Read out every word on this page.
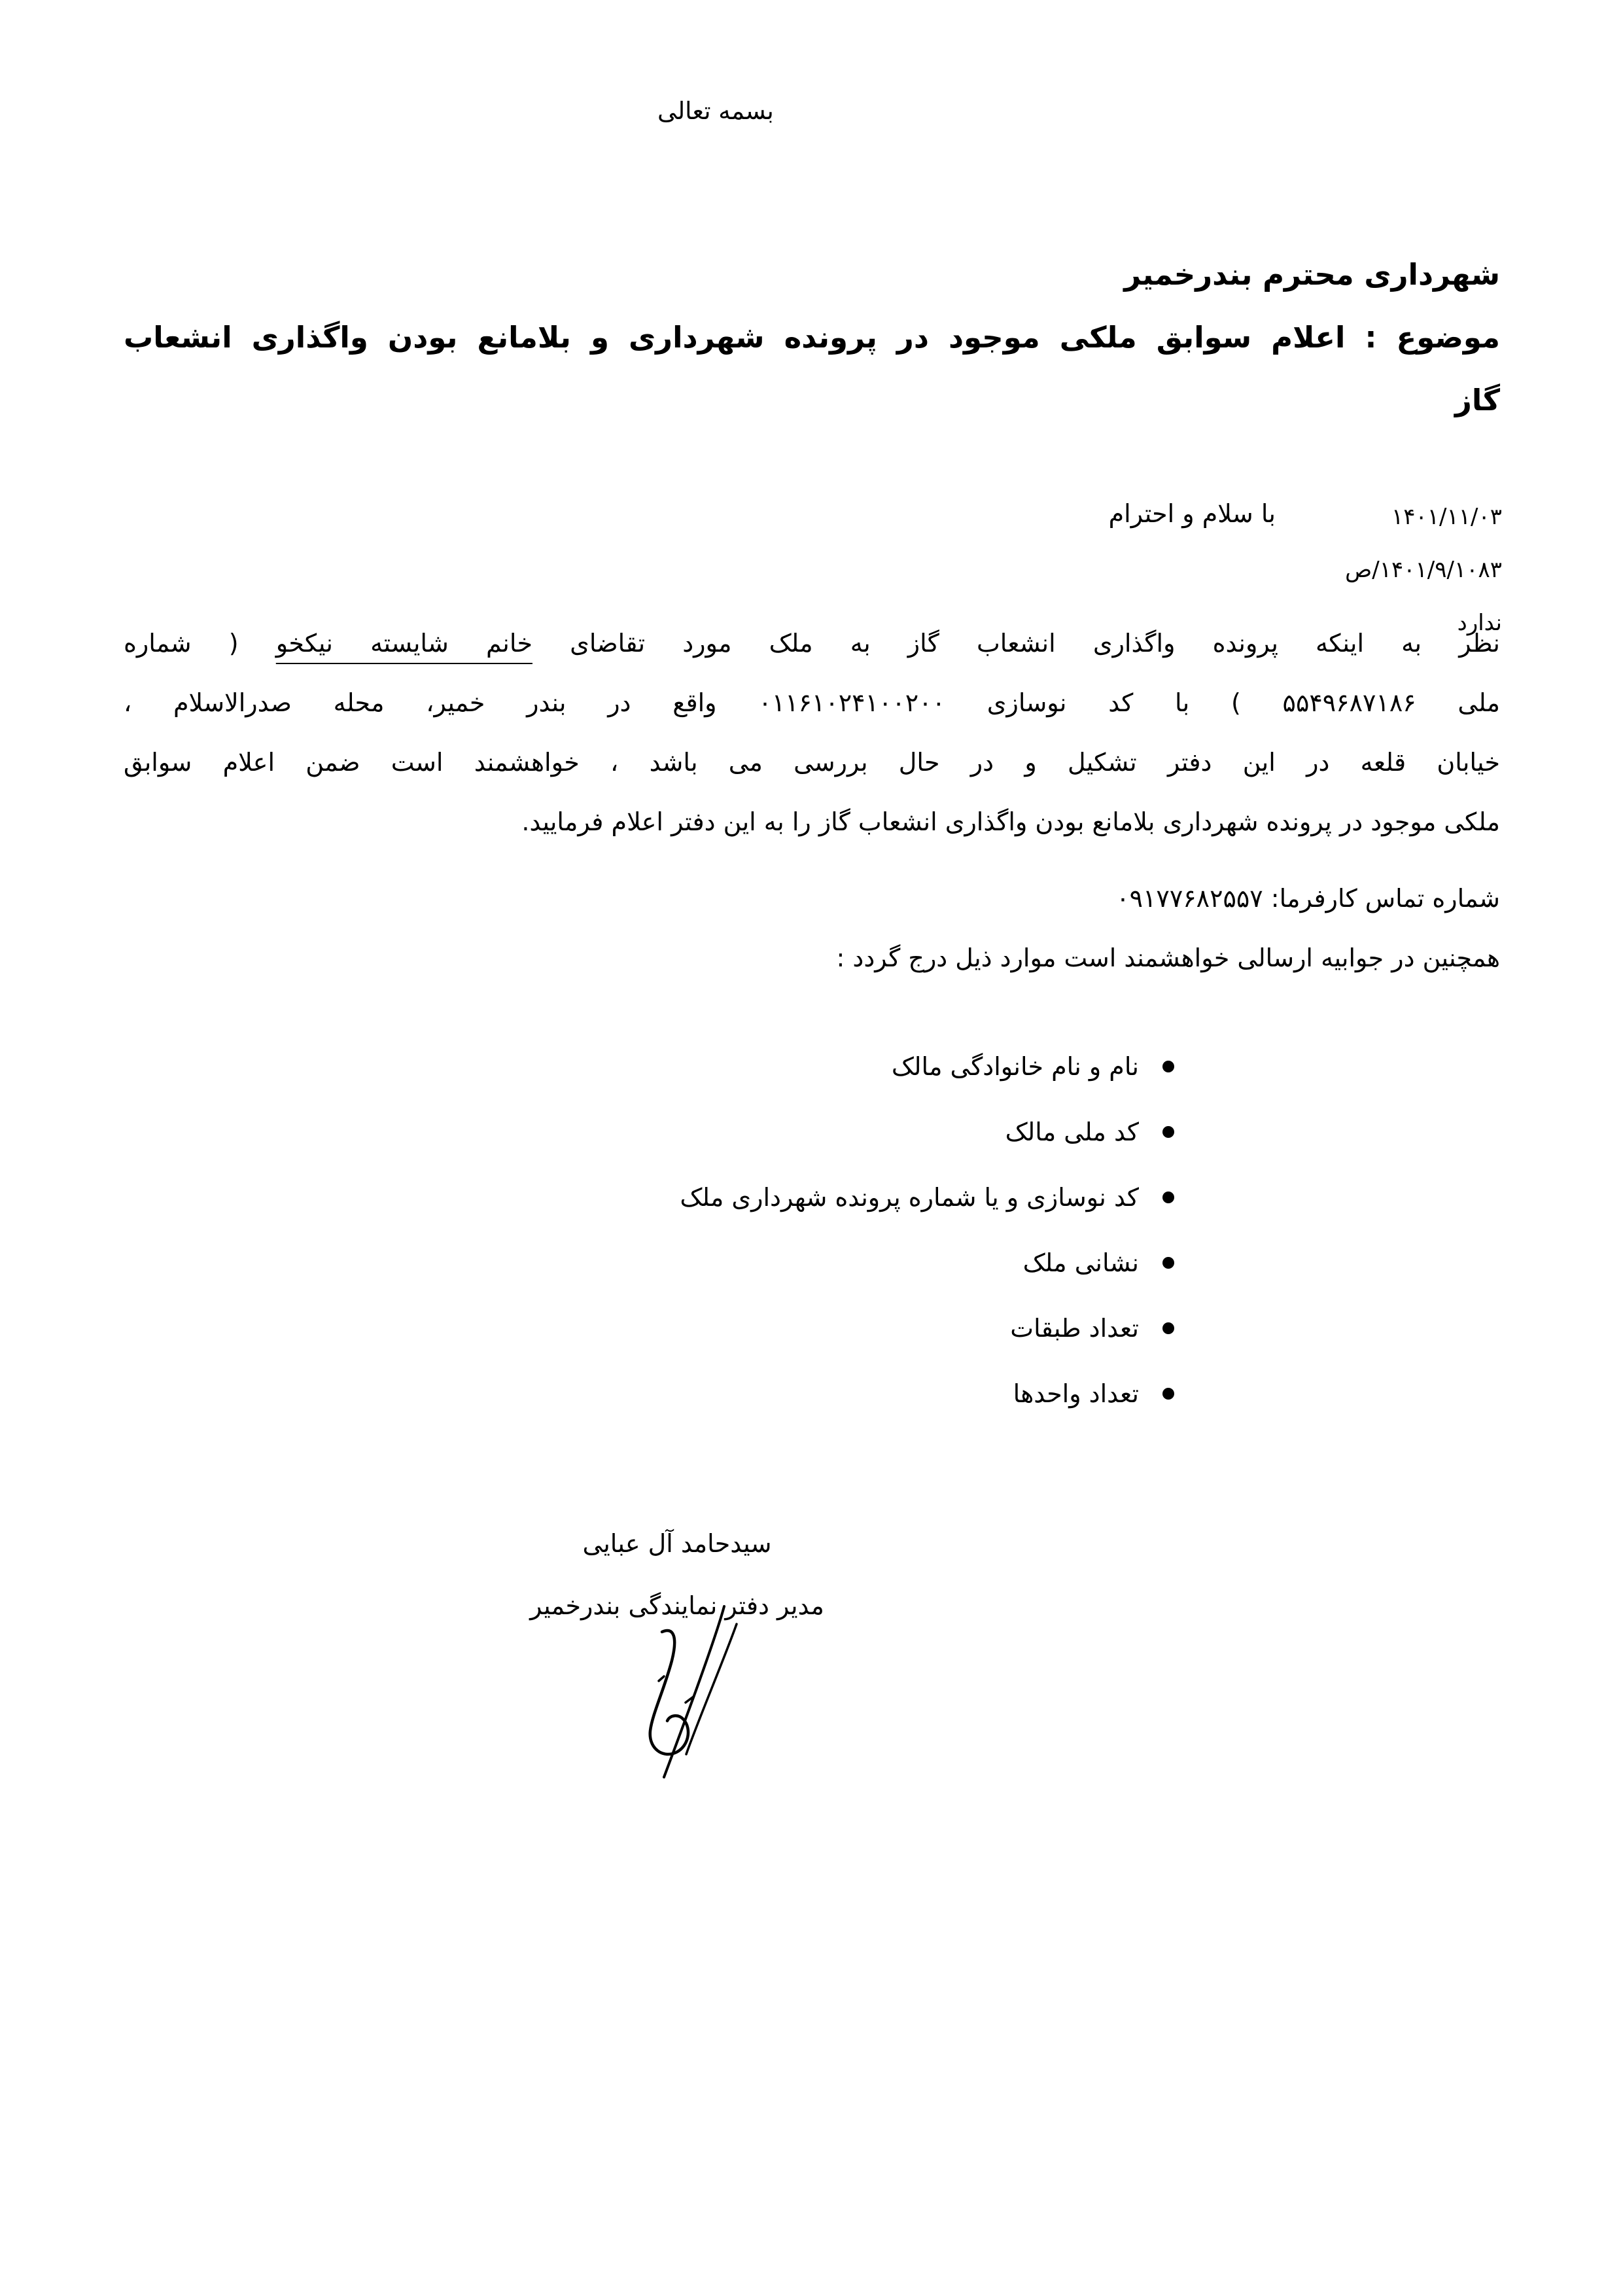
بسمه تعالی
شهرداری محترم بندرخمیر
موضوع : اعلام سوابق ملکی موجود در پرونده شهرداری و بلامانع بودن واگذاری انشعاب
گاز
۱۴۰۱/۱۱/۰۳
۱۴۰۱/۹/۱۰۸۳/ص
ندارد
با سلام و احترام
نظر به اینکه پرونده واگذاری انشعاب گاز به ملک مورد تقاضای خانم شایسته نیکخو ( شماره
ملی ۵۵۴۹۶۸۷۱۸۶ ) با کد نوسازی ۰۱۱۶۱۰۲۴۱۰۰۲۰۰ واقع در بندر خمیر، محله صدرالاسلام ،
خیابان قلعه در این دفتر تشکیل و در حال بررسی می باشد ، خواهشمند است ضمن اعلام سوابق
ملکی موجود در پرونده شهرداری بلامانع بودن واگذاری انشعاب گاز را به این دفتر اعلام فرمایید.
شماره تماس کارفرما: ۰۹۱۷۷۶۸۲۵۵۷
همچنین در جوابیه ارسالی خواهشمند است موارد ذیل درج گردد :
نام و نام خانوادگی مالک
کد ملی مالک
کد نوسازی و یا شماره پرونده شهرداری ملک
نشانی ملک
تعداد طبقات
تعداد واحدها
سیدحامد آل عبایی
مدیر دفتر نمایندگی بندرخمیر
